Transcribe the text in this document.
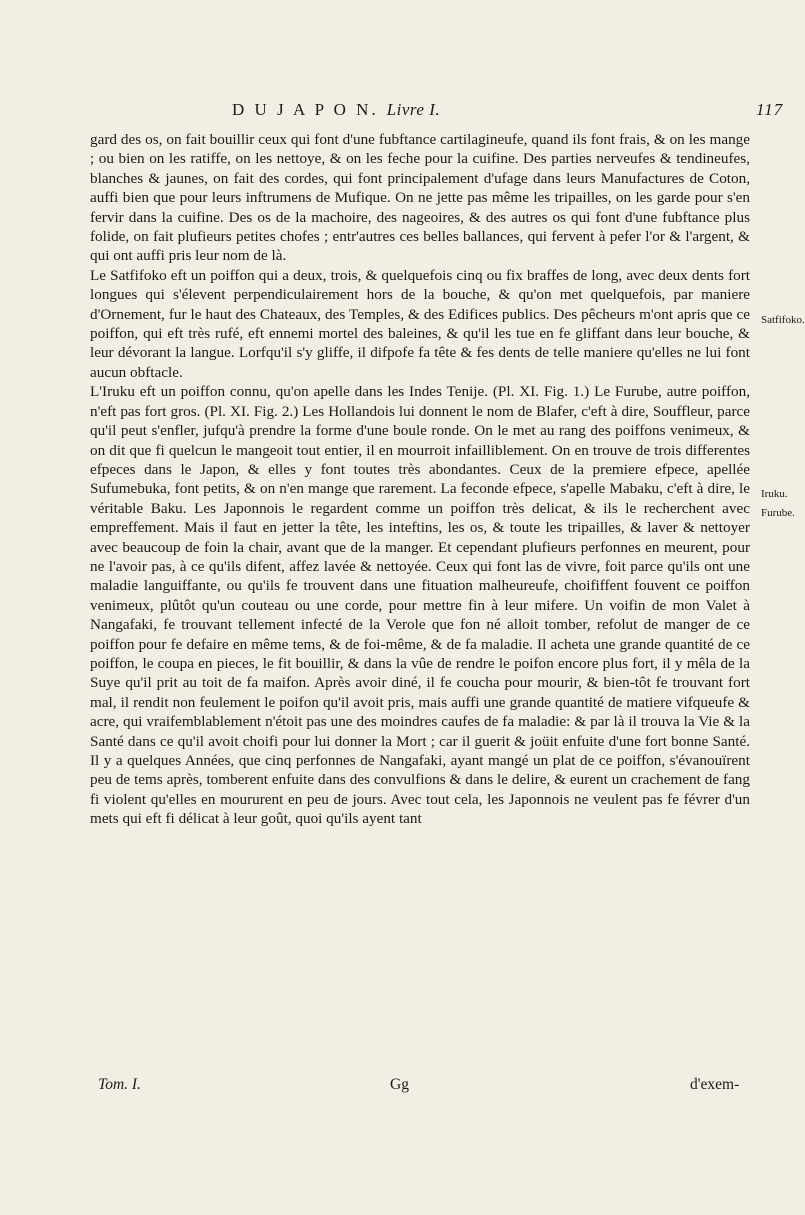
D U J A P O N. Livre I.	117

gard des os, on fait bouillir ceux qui font d'une fubftance cartilagineufe, quand ils font frais, & on les mange ; ou bien on les ratiffe, on les nettoye, & on les feche pour la cuifine. Des parties nerveufes & tendineufes, blanches & jaunes, on fait des cordes, qui font principalement d'ufage dans leurs Manufactures de Coton, auffi bien que pour leurs inftrumens de Mufique. On ne jette pas même les tripailles, on les garde pour s'en fervir dans la cuifine. Des os de la machoire, des nageoires, & des autres os qui font d'une fubftance plus folide, on fait plufieurs petites chofes ; entr'autres ces belles ballances, qui fervent à pefer l'or & l'argent, & qui ont auffi pris leur nom de là.

Le Satfifoko eft un poiffon qui a deux, trois, & quelquefois cinq ou fix braffes de long, avec deux dents fort longues qui s'élevent perpendiculairement hors de la bouche, & qu'on met quelquefois, par maniere d'Ornement, fur le haut des Chateaux, des Temples, & des Edifices publics. Des pêcheurs m'ont apris que ce poiffon, qui eft très rufé, eft ennemi mortel des baleines, & qu'il les tue en fe gliffant dans leur bouche, & leur dévorant la langue. Lorfqu'il s'y gliffe, il difpofe fa tête & fes dents de telle maniere qu'elles ne lui font aucun obftacle.

L'Iruku eft un poiffon connu, qu'on apelle dans les Indes Tenije. (Pl. XI. Fig. 1.) Le Furube, autre poiffon, n'eft pas fort gros. (Pl. XI. Fig. 2.) Les Hollandois lui donnent le nom de Blafer, c'eft à dire, Souffleur, parce qu'il peut s'enfler, jufqu'à prendre la forme d'une boule ronde. On le met au rang des poiffons venimeux, & on dit que fi quelcun le mangeoit tout entier, il en mourroit infailliblement. On en trouve de trois differentes efpeces dans le Japon, & elles y font toutes très abondantes. Ceux de la premiere efpece, apellée Sufumebuka, font petits, & on n'en mange que rarement. La feconde efpece, s'apelle Mabaku, c'eft à dire, le véritable Baku. Les Japonnois le regardent comme un poiffon très delicat, & ils le recherchent avec empreffement. Mais il faut en jetter la tête, les inteftins, les os, & toute les tripailles, & laver & nettoyer avec beaucoup de foin la chair, avant que de la manger. Et cependant plufieurs perfonnes en meurent, pour ne l'avoir pas, à ce qu'ils difent, affez lavée & nettoyée. Ceux qui font las de vivre, foit parce qu'ils ont une maladie languiffante, ou qu'ils fe trouvent dans une fituation malheureufe, choififfent fouvent ce poiffon venimeux, plûtôt qu'un couteau ou une corde, pour mettre fin à leur mifere. Un voifin de mon Valet à Nangafaki, fe trouvant tellement infecté de la Verole que fon né alloit tomber, refolut de manger de ce poiffon pour fe defaire en même tems, & de foi-même, & de fa maladie. Il acheta une grande quantité de ce poiffon, le coupa en pieces, le fit bouillir, & dans la vûe de rendre le poifon encore plus fort, il y mêla de la Suye qu'il prit au toit de fa maifon. Après avoir diné, il fe coucha pour mourir, & bien-tôt fe trouvant fort mal, il rendit non feulement le poifon qu'il avoit pris, mais auffi une grande quantité de matiere vifqueufe & acre, qui vraifemblablement n'étoit pas une des moindres caufes de fa maladie: & par là il trouva la Vie & la Santé dans ce qu'il avoit choifi pour lui donner la Mort ; car il guerit & joüit enfuite d'une fort bonne Santé. Il y a quelques Années, que cinq perfonnes de Nangafaki, ayant mangé un plat de ce poiffon, s'évanouïrent peu de tems après, tomberent enfuite dans des convulfions & dans le delire, & eurent un crachement de fang fi violent qu'elles en moururent en peu de jours. Avec tout cela, les Japonnois ne veulent pas fe févrer d'un mets qui eft fi délicat à leur goût, quoi qu'ils ayent tant

Satfifoko.
Iruku.
Furube.
Tom. I.	Gg	d'exem-
